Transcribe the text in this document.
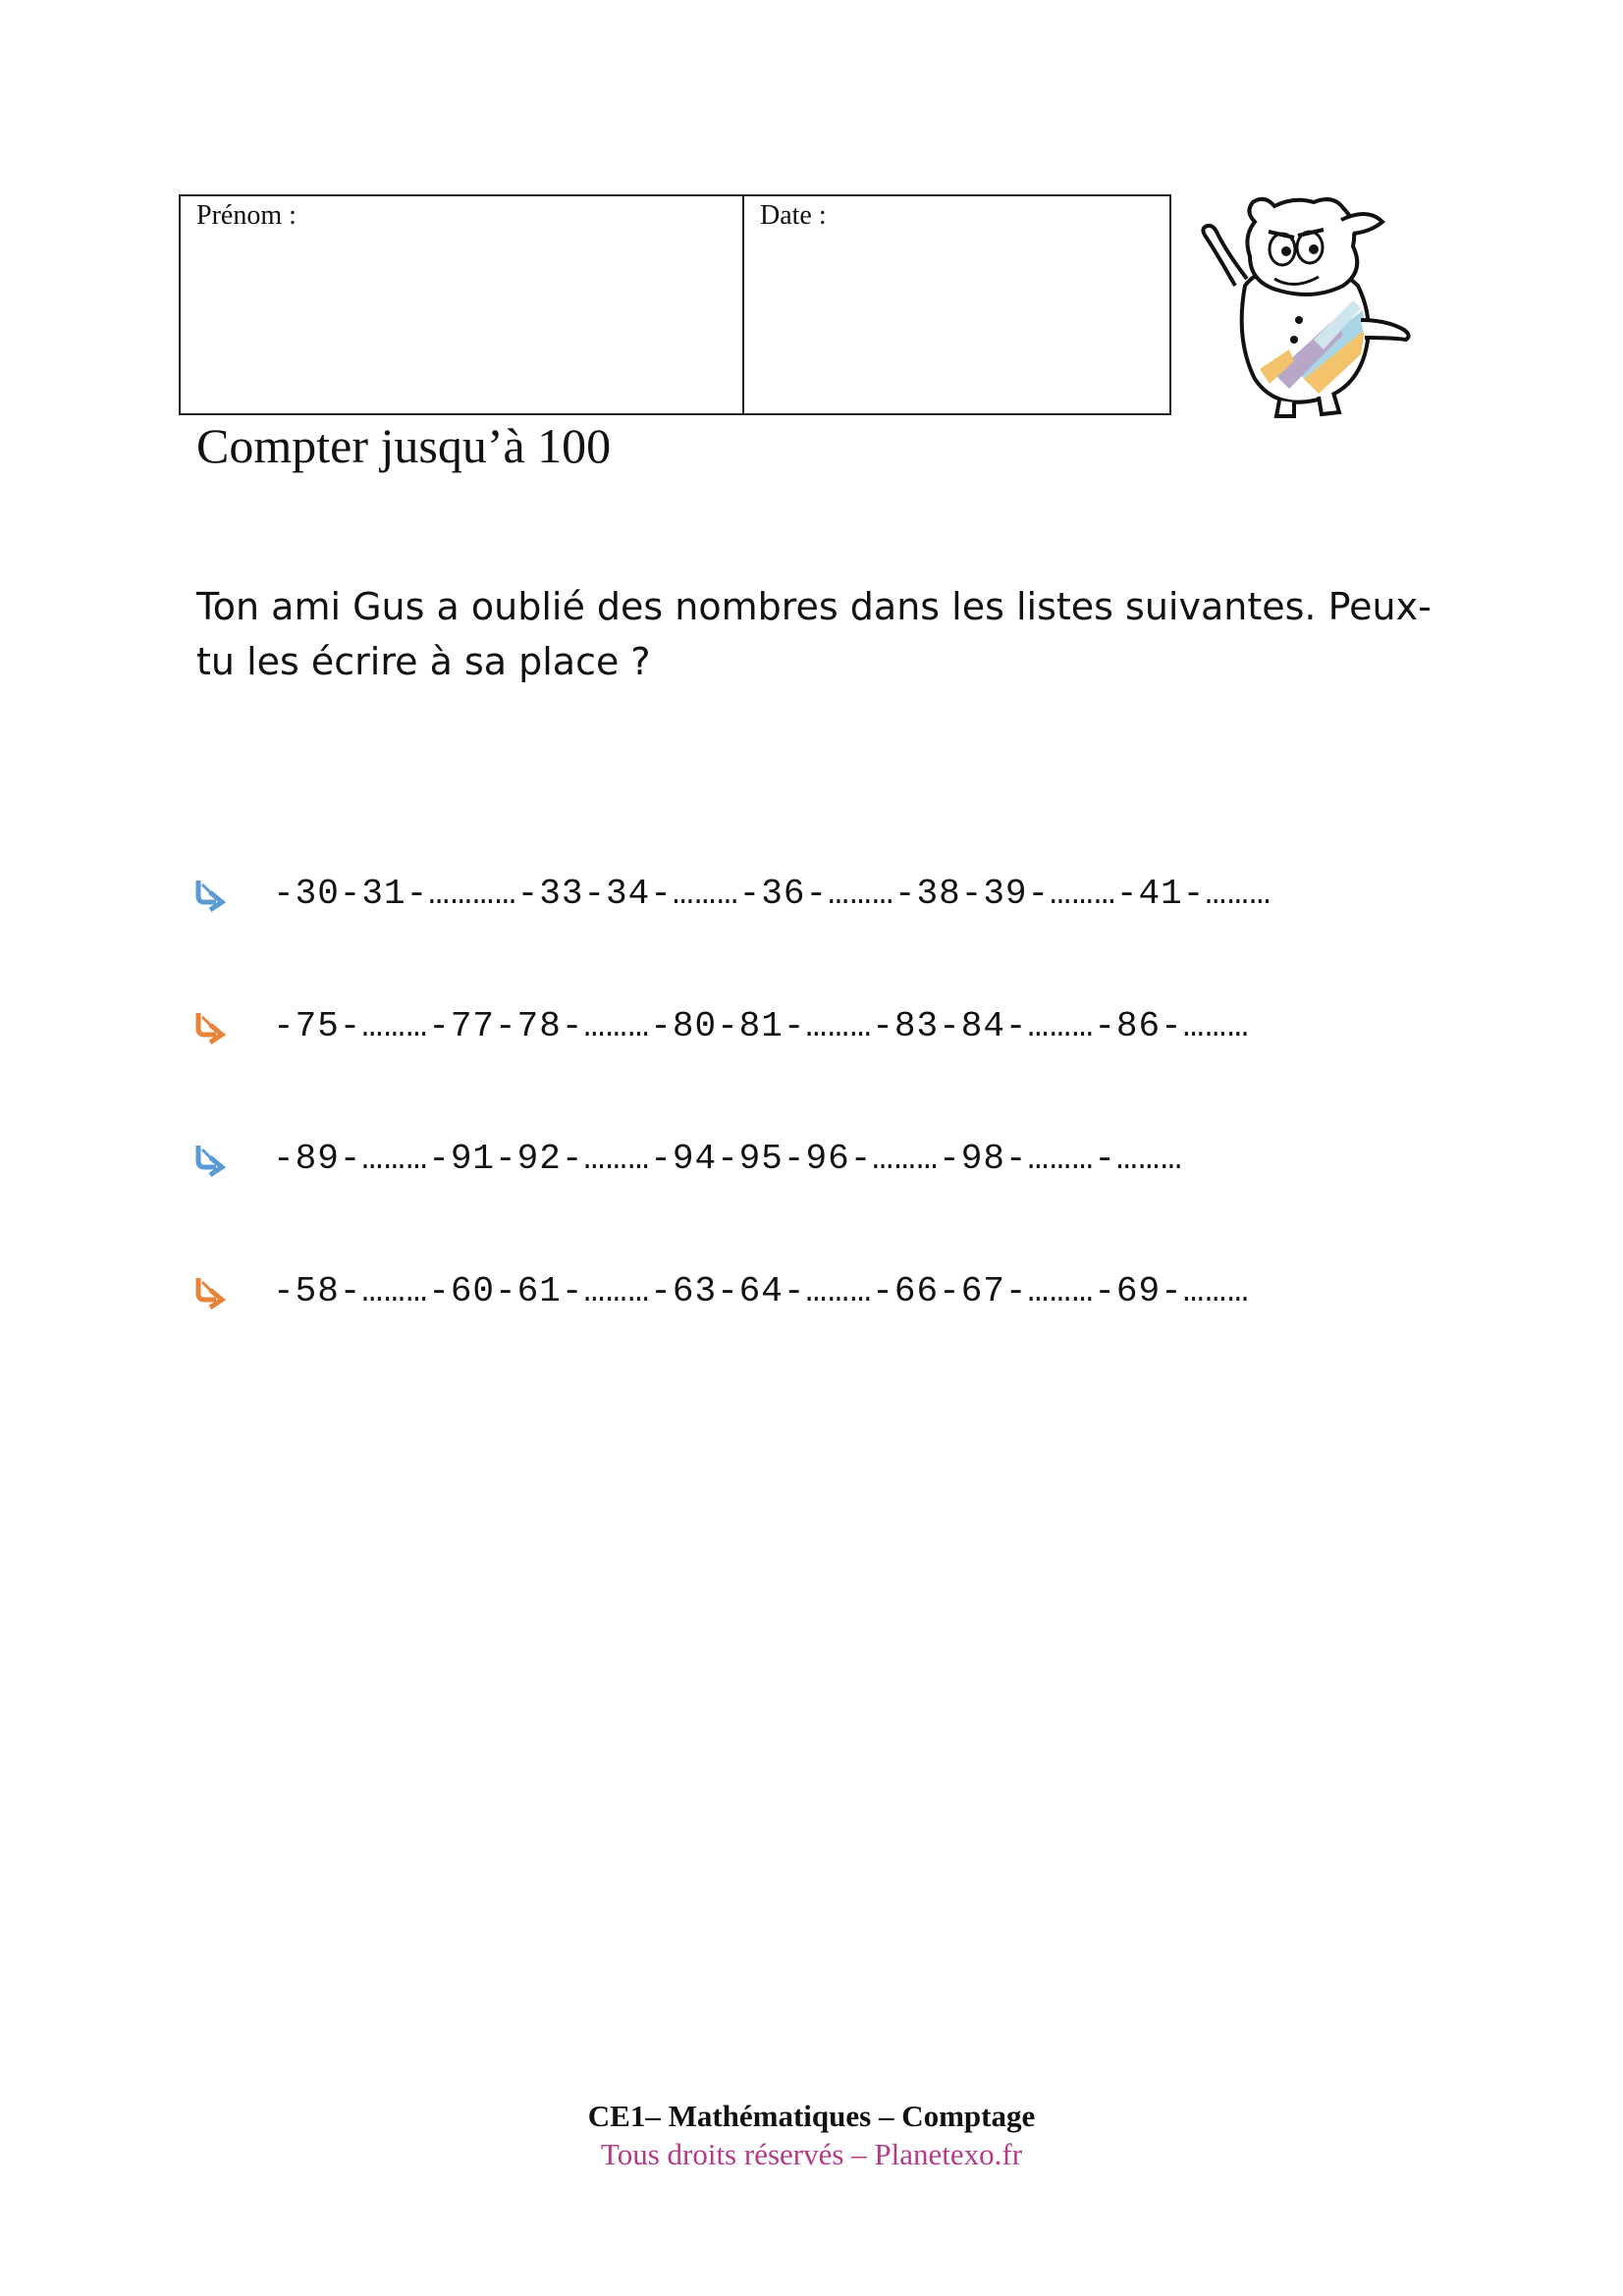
Prénom :	Date :
Compter jusqu’à 100
Ton ami Gus a oublié des nombres dans les listes suivantes. Peux-tu les écrire à sa place ?
-30-31-…………-33-34-………-36-………-38-39-………-41-………
-75-………-77-78-………-80-81-………-83-84-………-86-………
-89-………-91-92-………-94-95-96-………-98-………-………
-58-………-60-61-………-63-64-………-66-67-………-69-………
CE1– Mathématiques – Comptage
Tous droits réservés – Planetexo.fr
